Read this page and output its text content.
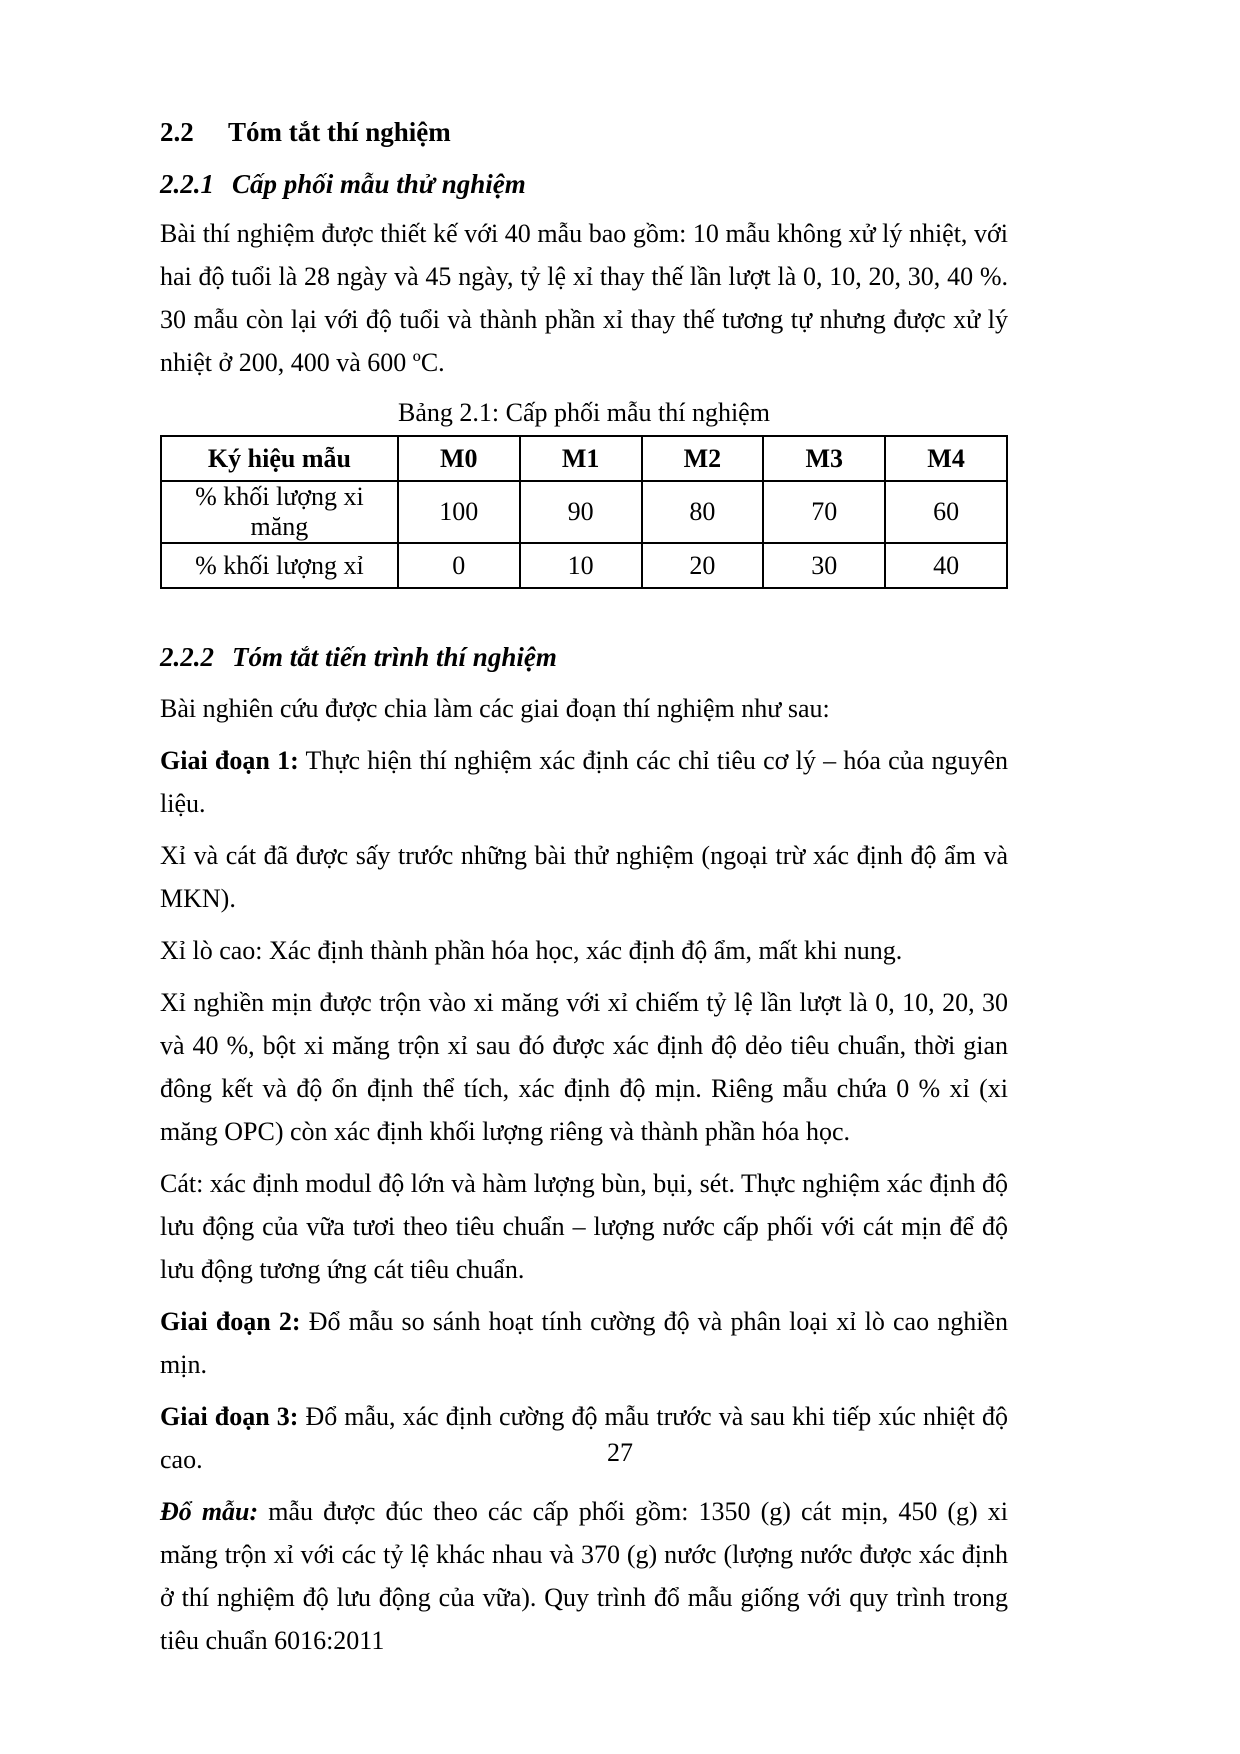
2.2 Tóm tắt thí nghiệm
2.2.1 Cấp phối mẫu thử nghiệm

Bài thí nghiệm được thiết kế với 40 mẫu bao gồm: 10 mẫu không xử lý nhiệt, với hai độ tuổi là 28 ngày và 45 ngày, tỷ lệ xỉ thay thế lần lượt là 0, 10, 20, 30, 40 %. 30 mẫu còn lại với độ tuổi và thành phần xỉ thay thế tương tự nhưng được xử lý nhiệt ở 200, 400 và 600 ºC.

Bảng 2.1: Cấp phối mẫu thí nghiệm
Ký hiệu mẫu	M0	M1	M2	M3	M4
% khối lượng xi măng	100	90	80	70	60
% khối lượng xỉ	0	10	20	30	40
2.2.2 Tóm tắt tiến trình thí nghiệm

Bài nghiên cứu được chia làm các giai đoạn thí nghiệm như sau:

Giai đoạn 1: Thực hiện thí nghiệm xác định các chỉ tiêu cơ lý – hóa của nguyên liệu.

Xỉ và cát đã được sấy trước những bài thử nghiệm (ngoại trừ xác định độ ẩm và MKN).

Xỉ lò cao: Xác định thành phần hóa học, xác định độ ẩm, mất khi nung.

Xỉ nghiền mịn được trộn vào xi măng với xỉ chiếm tỷ lệ lần lượt là 0, 10, 20, 30 và 40 %, bột xi măng trộn xỉ sau đó được xác định độ dẻo tiêu chuẩn, thời gian đông kết và độ ổn định thể tích, xác định độ mịn. Riêng mẫu chứa 0 % xỉ (xi măng OPC) còn xác định khối lượng riêng và thành phần hóa học.

Cát: xác định modul độ lớn và hàm lượng bùn, bụi, sét. Thực nghiệm xác định độ lưu động của vữa tươi theo tiêu chuẩn – lượng nước cấp phối với cát mịn để độ lưu động tương ứng cát tiêu chuẩn.

Giai đoạn 2: Đổ mẫu so sánh hoạt tính cường độ và phân loại xỉ lò cao nghiền mịn.

Giai đoạn 3: Đổ mẫu, xác định cường độ mẫu trước và sau khi tiếp xúc nhiệt độ cao.

Đổ mẫu: mẫu được đúc theo các cấp phối gồm: 1350 (g) cát mịn, 450 (g) xi măng trộn xỉ với các tỷ lệ khác nhau và 370 (g) nước (lượng nước được xác định ở thí nghiệm độ lưu động của vữa). Quy trình đổ mẫu giống với quy trình trong tiêu chuẩn 6016:2011

27
